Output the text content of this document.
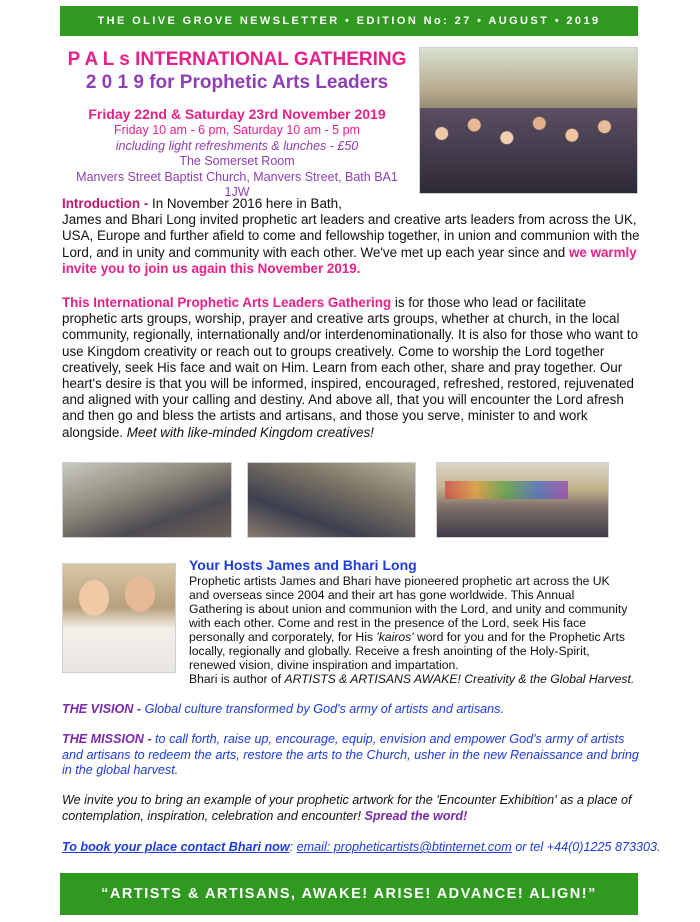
THE OLIVE GROVE NEWSLETTER • EDITION No: 27 • AUGUST • 2019
P A L s INTERNATIONAL GATHERING
2 0 1 9 for Prophetic Arts Leaders
Friday 22nd & Saturday 23rd November 2019
Friday 10 am - 6 pm, Saturday 10 am - 5 pm
including light refreshments & lunches - £50
The Somerset Room
Manvers Street Baptist Church, Manvers Street, Bath BA1 1JW
Introduction - In November 2016 here in Bath,
James and Bhari Long invited prophetic art leaders and creative arts leaders from across the UK, USA, Europe and further afield to come and fellowship together, in union and communion with the Lord, and in unity and community with each other. We've met up each year since and we warmly invite you to join us again this November 2019.
This International Prophetic Arts Leaders Gathering is for those who lead or facilitate prophetic arts groups, worship, prayer and creative arts groups, whether at church, in the local community, regionally, internationally and/or interdenominationally. It is also for those who want to use Kingdom creativity or reach out to groups creatively. Come to worship the Lord together creatively, seek His face and wait on Him. Learn from each other, share and pray together. Our heart's desire is that you will be informed, inspired, encouraged, refreshed, restored, rejuvenated and aligned with your calling and destiny. And above all, that you will encounter the Lord afresh and then go and bless the artists and artisans, and those you serve, minister to and work alongside. Meet with like-minded Kingdom creatives!
Your Hosts James and Bhari Long
Prophetic artists James and Bhari have pioneered prophetic art across the UK and overseas since 2004 and their art has gone worldwide. This Annual Gathering is about union and communion with the Lord, and unity and community with each other. Come and rest in the presence of the Lord, seek His face personally and corporately, for His 'kairos' word for you and for the Prophetic Arts locally, regionally and globally. Receive a fresh anointing of the Holy-Spirit, renewed vision, divine inspiration and impartation.
Bhari is author of ARTISTS & ARTISANS AWAKE! Creativity & the Global Harvest.
THE VISION - Global culture transformed by God's army of artists and artisans.
THE MISSION - to call forth, raise up, encourage, equip, envision and empower God's army of artists and artisans to redeem the arts, restore the arts to the Church, usher in the new Renaissance and bring in the global harvest.
We invite you to bring an example of your prophetic artwork for the 'Encounter Exhibition' as a place of contemplation, inspiration, celebration and encounter! Spread the word!
To book your place contact Bhari now: email: propheticartists@btinternet.com or tel +44(0)1225 873303.
“ARTISTS & ARTISANS, AWAKE! ARISE! ADVANCE! ALIGN!”
